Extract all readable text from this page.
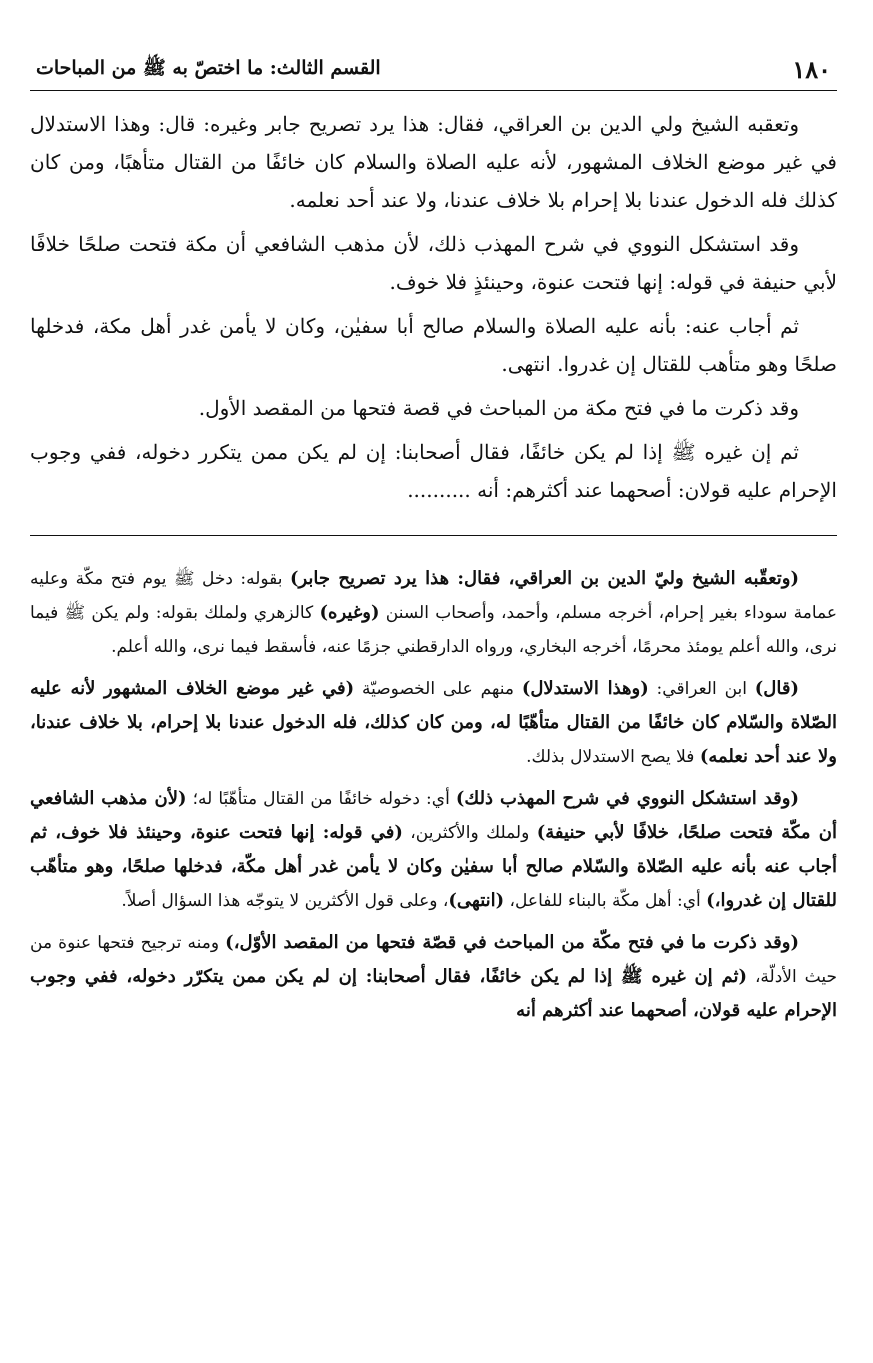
١٨٠
القسم الثالث: ما اختصّ به ﷺ من المباحات

وتعقبه الشيخ ولي الدين بن العراقي، فقال: هذا يرد تصريح جابر وغيره: قال: وهذا الاستدلال في غير موضع الخلاف المشهور، لأنه عليه الصلاة والسلام كان خائفًا من القتال متأهبًا، ومن كان كذلك فله الدخول عندنا بلا إحرام بلا خلاف عندنا، ولا عند أحد نعلمه.

وقد استشكل النووي في شرح المهذب ذلك، لأن مذهب الشافعي أن مكة فتحت صلحًا خلافًا لأبي حنيفة في قوله: إنها فتحت عنوة، وحينئذٍ فلا خوف.

ثم أجاب عنه: بأنه عليه الصلاة والسلام صالح أبا سفيٰن، وكان لا يأمن غدر أهل مكة، فدخلها صلحًا وهو متأهب للقتال إن غدروا. انتهى.

وقد ذكرت ما في فتح مكة من المباحث في قصة فتحها من المقصد الأول.

ثم إن غيره ﷺ إذا لم يكن خائفًا، فقال أصحابنا: إن لم يكن ممن يتكرر دخوله، ففي وجوب الإحرام عليه قولان: أصحهما عند أكثرهم: أنه ..........

(وتعقّبه الشيخ وليّ الدين بن العراقي، فقال: هذا يرد تصريح جابر) بقوله: دخل ﷺ يوم فتح مكّة وعليه عمامة سوداء بغير إحرام، أخرجه مسلم، وأحمد، وأصحاب السنن (وغيره) كالزهري ولملك بقوله: ولم يكن ﷺ فيما نرى، والله أعلم يومئذ محرمًا، أخرجه البخاري، ورواه الدارقطني جزمًا عنه، فأسقط فيما نرى، والله أعلم.

(قال) ابن العراقي: (وهذا الاستدلال) منهم على الخصوصيّة (في غير موضع الخلاف المشهور لأنه عليه الصّلاة والسّلام كان خائفًا من القتال متأهّبًا له، ومن كان كذلك، فله الدخول عندنا بلا إحرام، بلا خلاف عندنا، ولا عند أحد نعلمه) فلا يصح الاستدلال بذلك.

(وقد استشكل النووي في شرح المهذب ذلك) أي: دخوله خائفًا من القتال متأهّبًا له؛ (لأن مذهب الشافعي أن مكّة فتحت صلحًا، خلافًا لأبي حنيفة) ولملك والأكثرين، (في قوله: إنها فتحت عنوة، وحينئذ فلا خوف، ثم أجاب عنه بأنه عليه الصّلاة والسّلام صالح أبا سفيٰن وكان لا يأمن غدر أهل مكّة، فدخلها صلحًا، وهو متأهّب للقتال إن غدروا،) أي: أهل مكّة بالبناء للفاعل، (انتهى)، وعلى قول الأكثرين لا يتوجّه هذا السؤال أصلاً.

(وقد ذكرت ما في فتح مكّة من المباحث في قصّة فتحها من المقصد الأوّل،) ومنه ترجيح فتحها عنوة من حيث الأدلّة، (ثم إن غيره ﷺ إذا لم يكن خائفًا، فقال أصحابنا: إن لم يكن ممن يتكرّر دخوله، ففي وجوب الإحرام عليه قولان، أصحهما عند أكثرهم أنه
